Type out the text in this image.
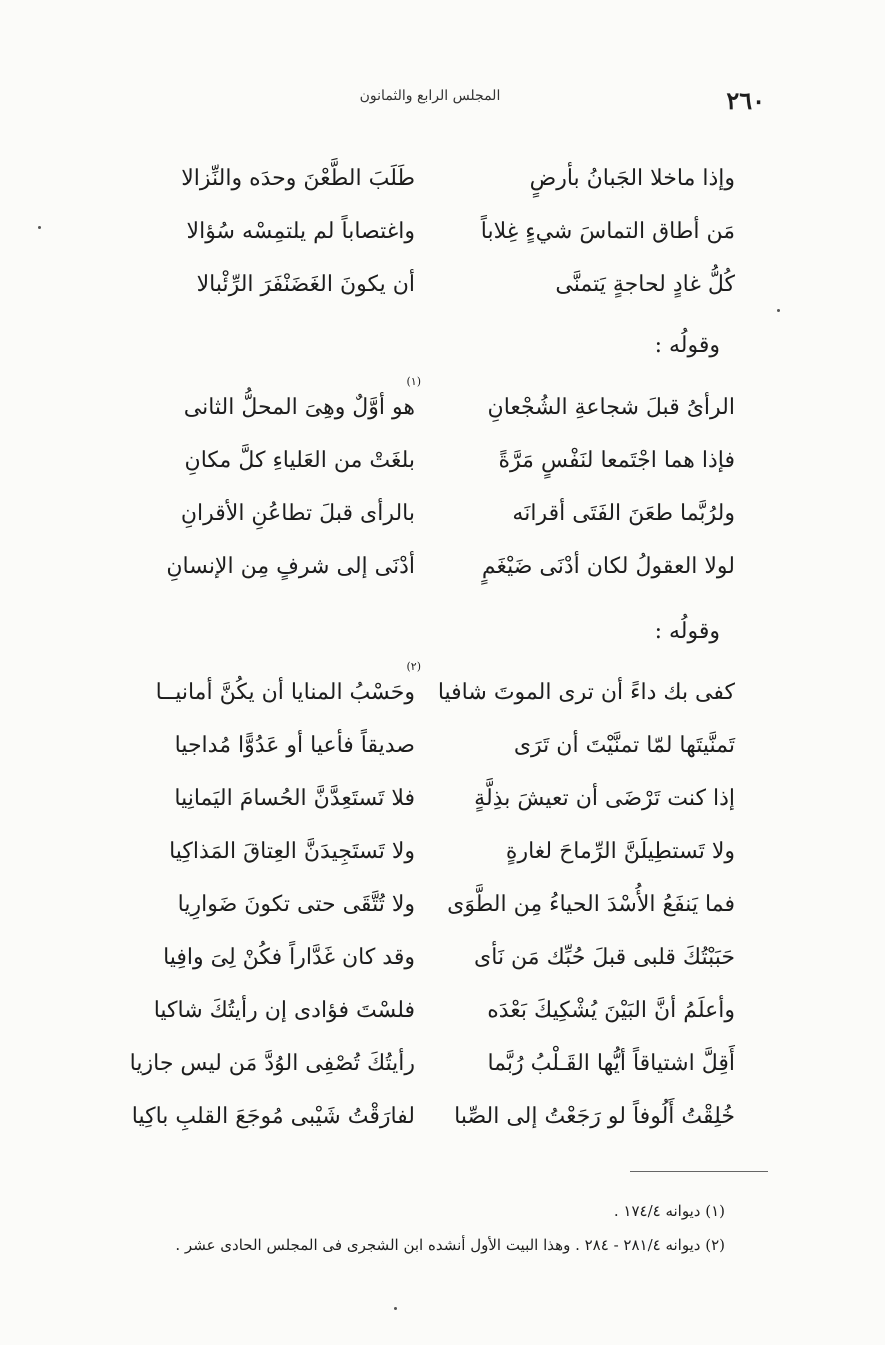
٢٦٠
المجلس الرابع والثمانون
وإذا ماخلا الجَبانُ بأرضٍ
طَلَبَ الطَّعْنَ وحدَه والنِّزالا
مَن أطاق التماسَ شيءٍ غِلاباً
واغتصاباً لم يلتمِسْه سُؤالا
كُلُّ غادٍ لحاجةٍ يَتمنَّى
أن يكونَ الغَضَنْفَرَ الرِّئْبالا
وقولُه :
الرأىُ قبلَ شجاعةِ الشُجْعانِ
هو أوَّلٌ وهِىَ المحلُّ الثانى
(١)
فإذا هما اجْتَمعا لنَفْسٍ مَرَّةً
بلغَتْ من العَلياءِ كلَّ مكانِ
ولرُبَّما طعَنَ الفَتَى أقرانَه
بالرأى قبلَ تطاعُنِ الأقرانِ
لولا العقولُ لكان أدْنَى ضَيْغَمٍ
أدْنَى إلى شرفٍ مِن الإنسانِ
وقولُه :
كفى بك داءً أن ترى الموتَ شافيا
وحَسْبُ المنايا أن يكُنَّ أمانيــا
(٢)
تَمنَّيتَها لمّا تمنَّيْتَ أن تَرَى
صديقاً فأعيا أو عَدُوًّا مُداجيا
إذا كنت تَرْضَى أن تعيشَ بذِلَّةٍ
فلا تَستَعِدَّنَّ الحُسامَ اليَمانِيا
ولا تَستطِيلَنَّ الرِّماحَ لغارةٍ
ولا تَستَجِيدَنَّ العِتاقَ المَذاكِيا
فما يَنفَعُ الأُسْدَ الحياءُ مِن الطَّوَى
ولا تُتَّقَى حتى تكونَ ضَوارِيا
حَبَبْتُكَ قلبى قبلَ حُبِّك مَن نَأى
وقد كان غَدَّاراً فكُنْ لِىَ وافِيا
وأعلَمُ أنَّ البَيْنَ يُشْكِيكَ بَعْدَه
فلسْتَ فؤادى إن رأيتُكَ شاكيا
أَقِلَّ اشتياقاً أيُّها القَـلْبُ رُبَّما
رأيتُكَ تُصْفِى الوُدَّ مَن ليس جازيا
خُلِقْتُ أَلُوفاً لو رَجَعْتُ إلى الصِّبا
لفارَقْتُ شَيْبى مُوجَعَ القلبِ باكِيا
(١) ديوانه ١٧٤/٤ .
(٢) ديوانه ٢٨١/٤ - ٢٨٤ . وهذا البيت الأول أنشده ابن الشجرى فى المجلس الحادى عشر .
